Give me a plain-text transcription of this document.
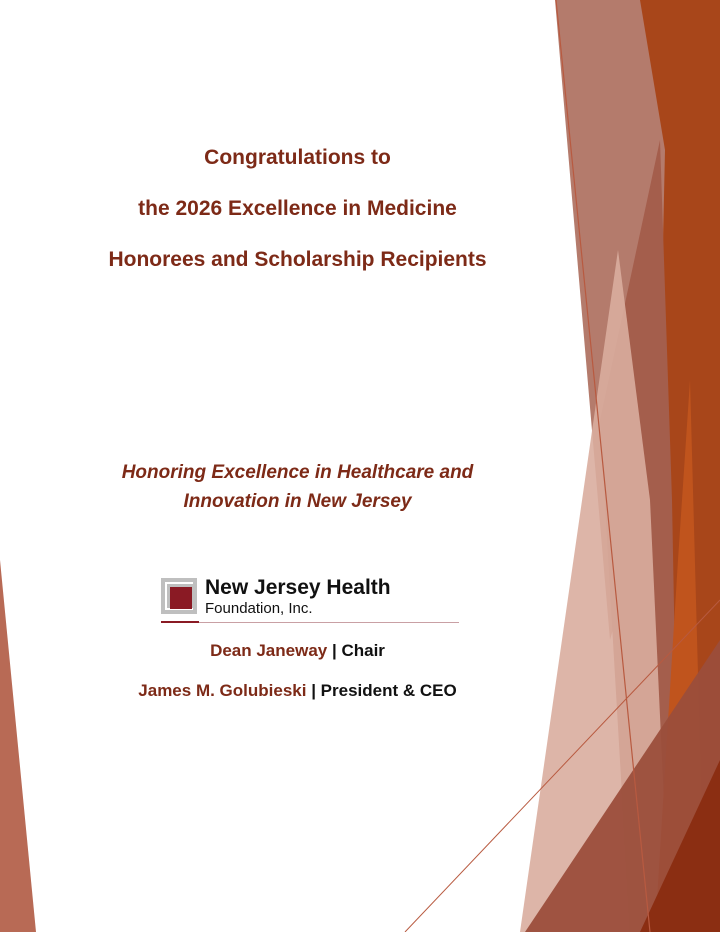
Congratulations to
the 2026 Excellence in Medicine
Honorees and Scholarship Recipients
Honoring Excellence in Healthcare and
Innovation in New Jersey
New Jersey Health
Foundation, Inc.
Dean Janeway | Chair
James M. Golubieski | President & CEO
